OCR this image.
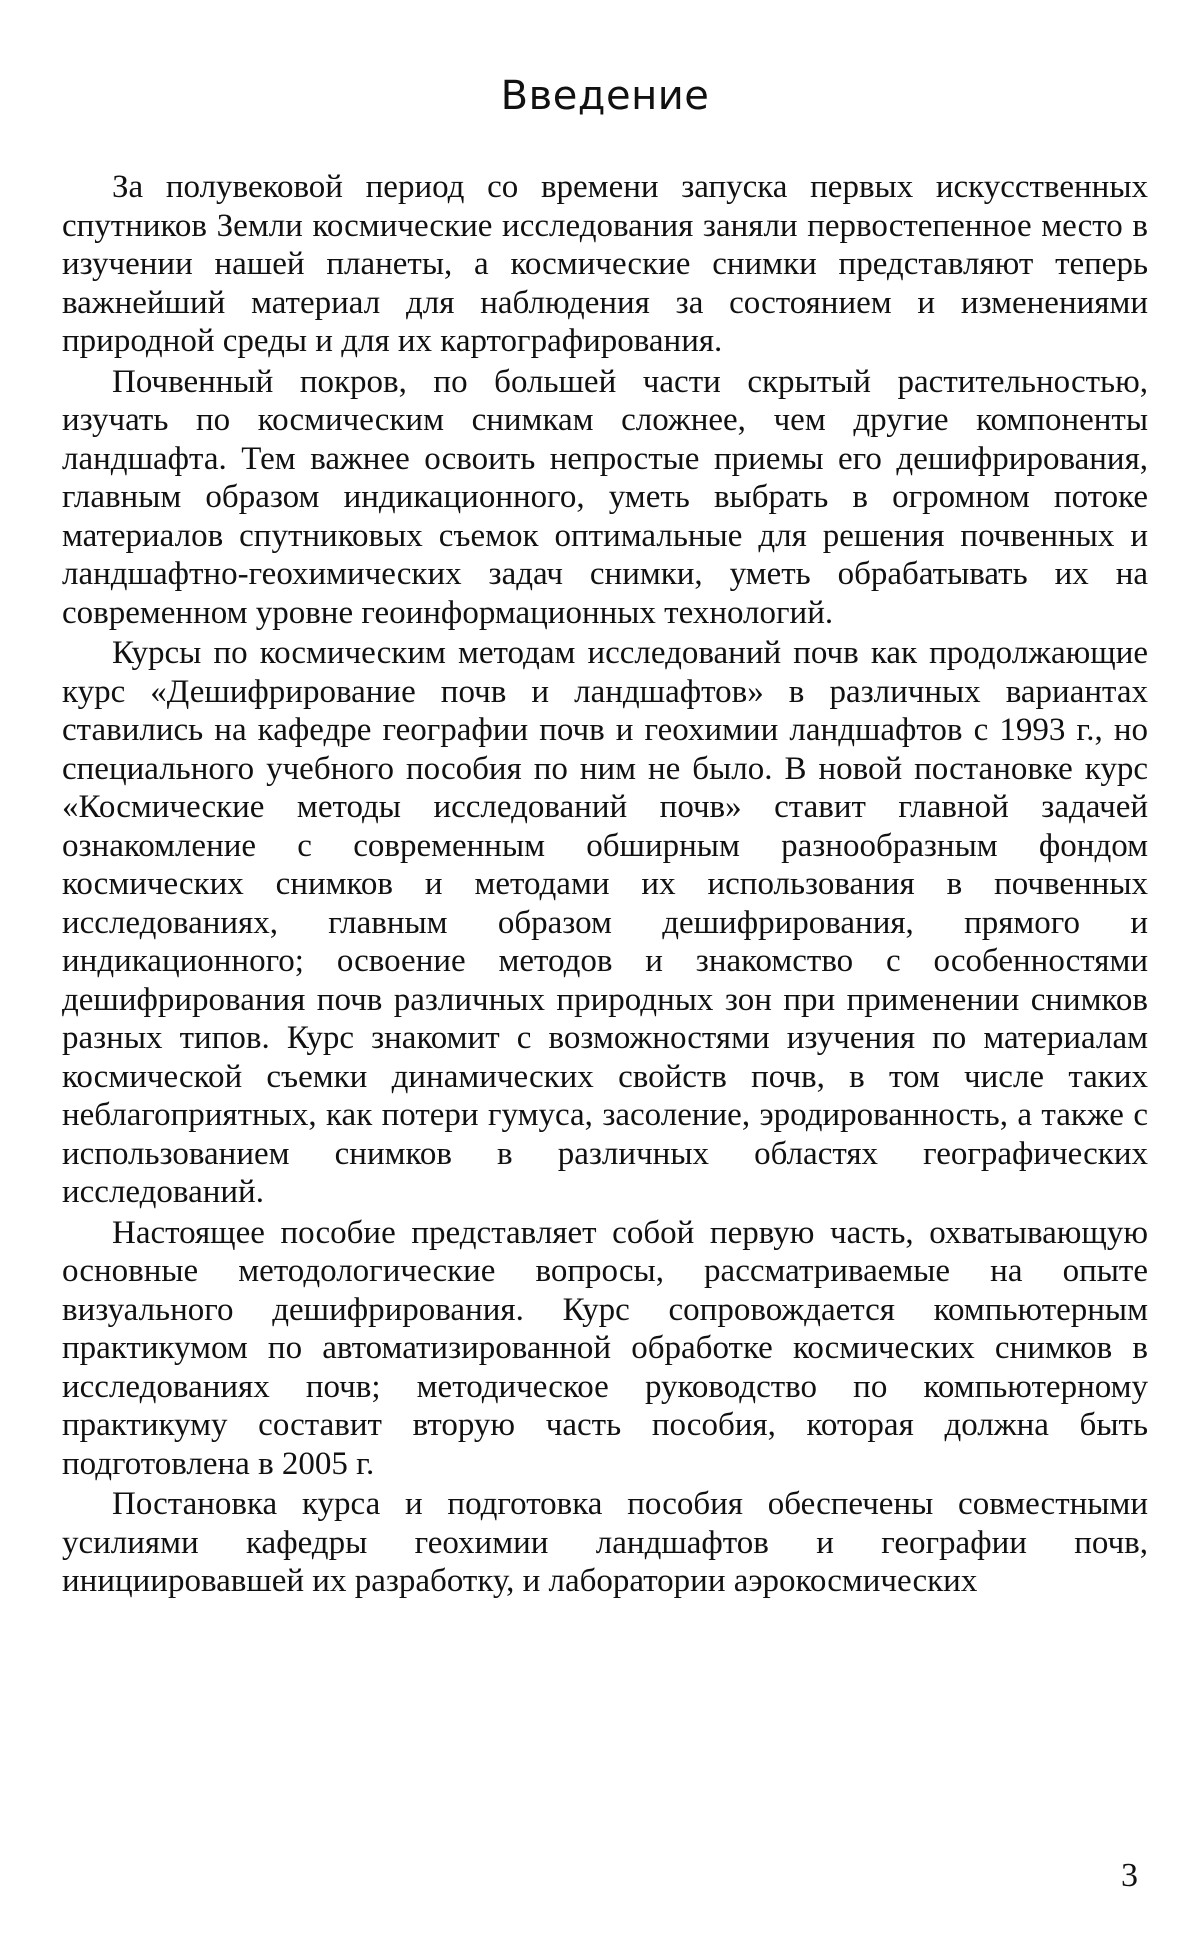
Введение

За полувековой период со времени запуска первых искусственных спутников Земли космические исследования заняли первостепенное место в изучении нашей планеты, а космические снимки представляют теперь важнейший материал для наблюдения за состоянием и изменениями природной среды и для их картографирования.

Почвенный покров, по большей части скрытый растительностью, изучать по космическим снимкам сложнее, чем другие компоненты ландшафта. Тем важнее освоить непростые приемы его дешифрирования, главным образом индикационного, уметь выбрать в огромном потоке материалов спутниковых съемок оптимальные для решения почвенных и ландшафтно-геохимических задач снимки, уметь обрабатывать их на современном уровне геоинформационных технологий.

Курсы по космическим методам исследований почв как продолжающие курс «Дешифрирование почв и ландшафтов» в различных вариантах ставились на кафедре географии почв и геохимии ландшафтов с 1993 г., но специального учебного пособия по ним не было. В новой постановке курс «Космические методы исследований почв» ставит главной задачей ознакомление с современным обширным разнообразным фондом космических снимков и методами их использования в почвенных исследованиях, главным образом дешифрирования, прямого и индикационного; освоение методов и знакомство с особенностями дешифрирования почв различных природных зон при применении снимков разных типов. Курс знакомит с возможностями изучения по материалам космической съемки динамических свойств почв, в том числе таких неблагоприятных, как потери гумуса, засоление, эродированность, а также с использованием снимков в различных областях географических исследований.

Настоящее пособие представляет собой первую часть, охватывающую основные методологические вопросы, рассматриваемые на опыте визуального дешифрирования. Курс сопровождается компьютерным практикумом по автоматизированной обработке космических снимков в исследованиях почв; методическое руководство по компьютерному практикуму составит вторую часть пособия, которая должна быть подготовлена в 2005 г.

Постановка курса и подготовка пособия обеспечены совместными усилиями кафедры геохимии ландшафтов и географии почв, инициировавшей их разработку, и лаборатории аэрокосмических

3
